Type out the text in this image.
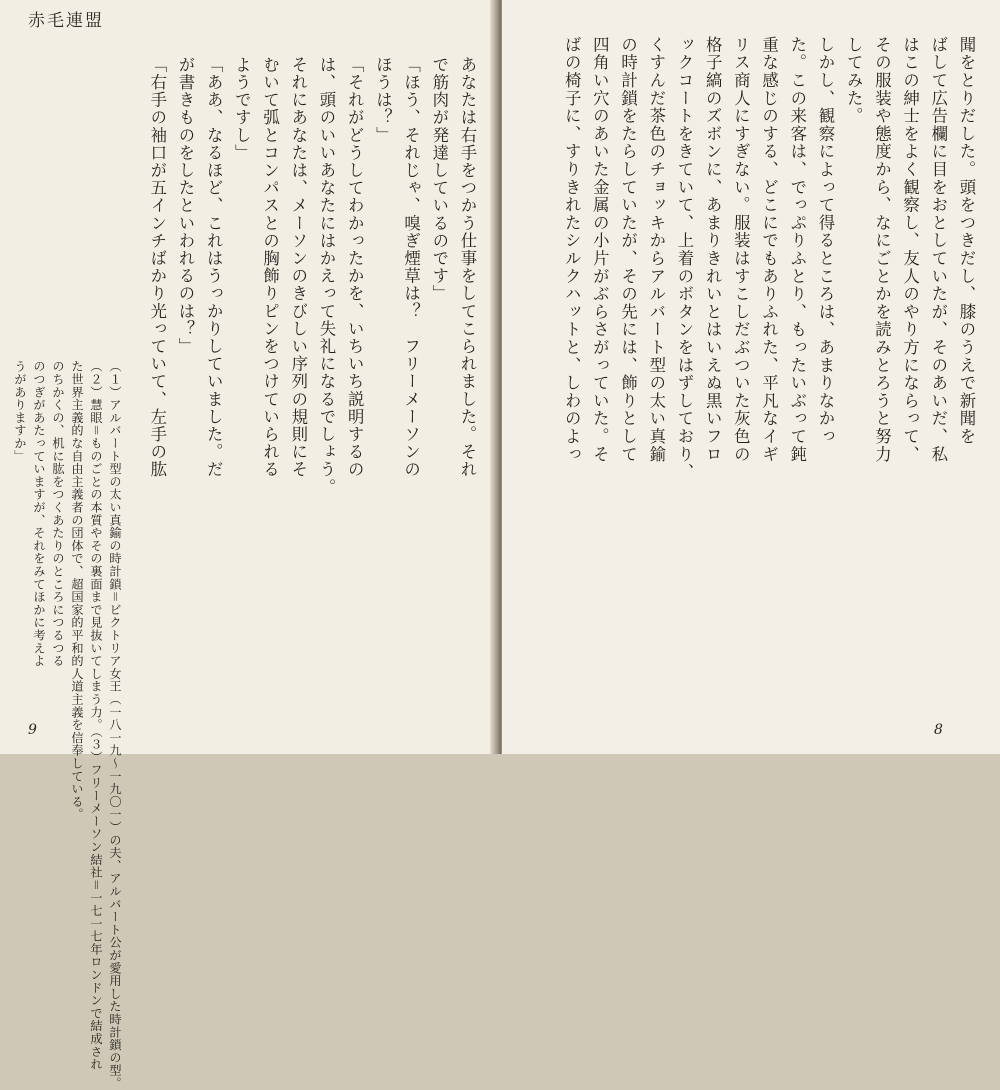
赤毛連盟
あなたは右手をつかう仕事をしてこられました。それ
で筋肉が発達しているのです」
「ほう、それじゃ、嗅ぎ煙草は？　フリーメーソンの
ほうは？」
「それがどうしてわかったかを、いちいち説明するの
は、頭のいいあなたにはかえって失礼になるでしょう。
それにあなたは、メーソンのきびしい序列の規則にそ
むいて弧とコンパスとの胸飾りピンをつけていられる
ようですし」
「ああ、なるほど、これはうっかりしていました。だ
が書きものをしたといわれるのは？」
「右手の袖口が五インチばかり光っていて、左手の肱
（１）アルバート型の太い真鍮の時計鎖＝ビクトリア女王（一八一九〜一九〇一）の夫、アルバート公が愛用した時計鎖の型。
（２）慧眼＝ものごとの本質やその裏面まで見抜いてしまう力。（３）フリーメーソン結社＝一七一七年ロンドンで結成され
た世界主義的な自由主義者の団体で、超国家的平和的人道主義を信奉している。
のちかくの、机に肱をつくあたりのところにつるつる
のつぎがあたっていますが、それをみてほかに考えよ
うがありますか」
9
聞をとりだした。頭をつきだし、膝のうえで新聞を
ばして広告欄に目をおとしていたが、そのあいだ、私
はこの紳士をよく観察し、友人のやり方にならって、
その服装や態度から、なにごとかを読みとろうと努力
してみた。
しかし、観察によって得るところは、あまりなかっ
た。この来客は、でっぷりふとり、もったいぶって鈍
重な感じのする、どこにでもありふれた、平凡なイギ
リス商人にすぎない。服装はすこしだぶついた灰色の
格子縞のズボンに、あまりきれいとはいえぬ黒いフロ
ックコートをきていて、上着のボタンをはずしており、
くすんだ茶色のチョッキからアルバート型の太い真鍮
の時計鎖をたらしていたが、その先には、飾りとして
四角い穴のあいた金属の小片がぶらさがっていた。そ
ばの椅子に、すりきれたシルクハットと、しわのよっ
8
